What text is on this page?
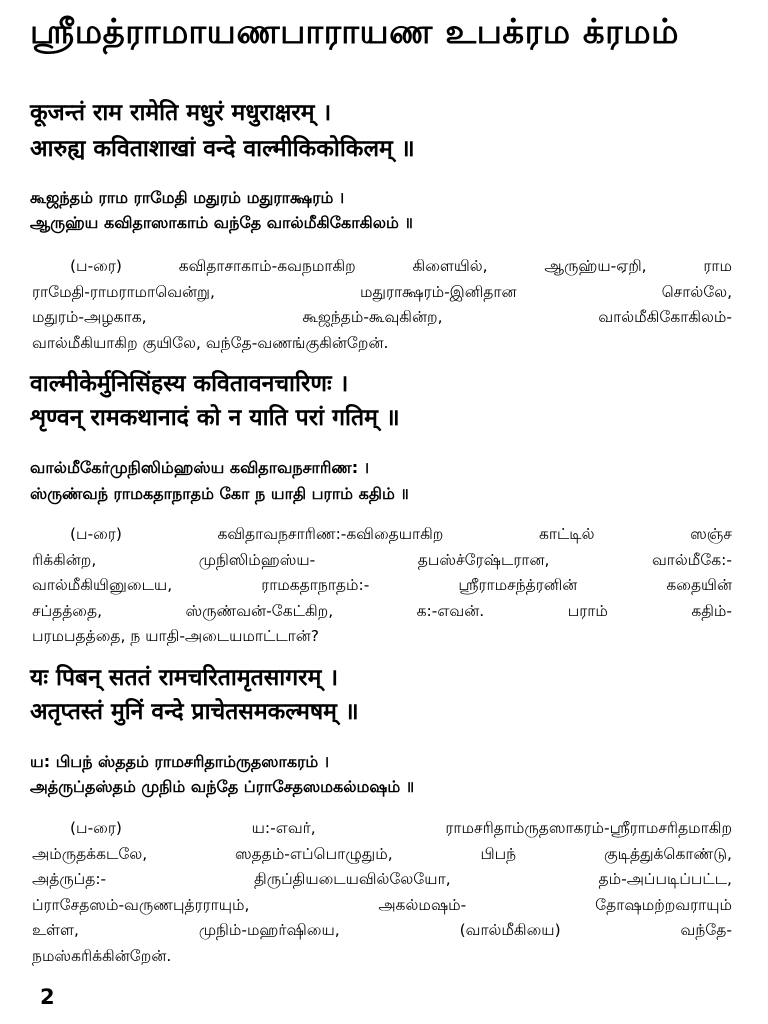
ஸ்ரீமத்ராமாயணபாராயண உபக்ரம க்ரமம்
कूजन्तं राम रामेति मधुरं मधुराक्षरम् ।
आरुह्य कविताशाखां वन्दे वाल्मीकिकोकिलम् ॥
கூஜந்தம் ராம ராமேதி மதுரம் மதுராக்ஷரம் ।
ஆருஹ்ய கவிதாஸாகாம் வந்தே வால்மீகிகோகிலம் ॥
(ப-ரை) கவிதாசாகாம்-கவநமாகிற கிளையில், ஆருஹ்ய-ஏறி, ராம
ராமேதி-ராமராமாவென்று, மதுராக்ஷரம்-இனிதான சொல்லே,
மதுரம்-அழகாக, கூஜந்தம்-கூவுகின்ற, வால்மீகிகோகிலம்-
வால்மீகியாகிற குயிலே, வந்தே-வணங்குகின்றேன்.
वाल्मीकेर्मुनिसिंहस्य कवितावनचारिणः ।
शृण्वन् रामकथानादं को न याति परां गतिम् ॥
வால்மீகேர்முநிஸிம்ஹஸ்ய கவிதாவநசாரிண: ।
ஸ்ருண்வந் ராமகதாநாதம் கோ ந யாதி பராம் கதிம் ॥
(ப-ரை) கவிதாவநசாரிண:-கவிதையாகிற காட்டில் ஸஞ்ச
ரிக்கின்ற, முநிஸிம்ஹஸ்ய- தபஸ்ச்ரேஷ்டரான, வால்மீகே:-
வால்மீகியினுடைய, ராமகதாநாதம்:- ஸ்ரீராமசந்த்ரனின் கதையின்
சப்தத்தை, ஸ்ருண்வன்-கேட்கிற, க:-எவன். பராம் கதிம்-
பரமபதத்தை, ந யாதி-அடையமாட்டான்?
यः पिबन् सततं रामचरितामृतसागरम् ।
अतृप्तस्तं मुनिं वन्दे प्राचेतसमकल्मषम् ॥
ய: பிபந் ஸ்ததம் ராமசரிதாம்ருதஸாகரம் ।
அத்ருப்தஸ்தம் முநிம் வந்தே ப்ராசேதஸமகல்மஷம் ॥
(ப-ரை) ய:-எவர், ராமசரிதாம்ருதஸாகரம்-ஸ்ரீராமசரிதமாகிற
அம்ருதக்கடலே, ஸததம்-எப்பொழுதும், பிபந் குடித்துக்கொண்டு,
அத்ருப்த:- திருப்தியடையவில்லேயோ, தம்-அப்படிப்பட்ட,
ப்ராசேதஸம்-வருணபுத்ரராயும், அகல்மஷம்- தோஷமற்றவராயும்
உள்ள, முநிம்-மஹர்ஷியை, (வால்மீகியை) வந்தே-
நமஸ்கரிக்கின்றேன்.
2
